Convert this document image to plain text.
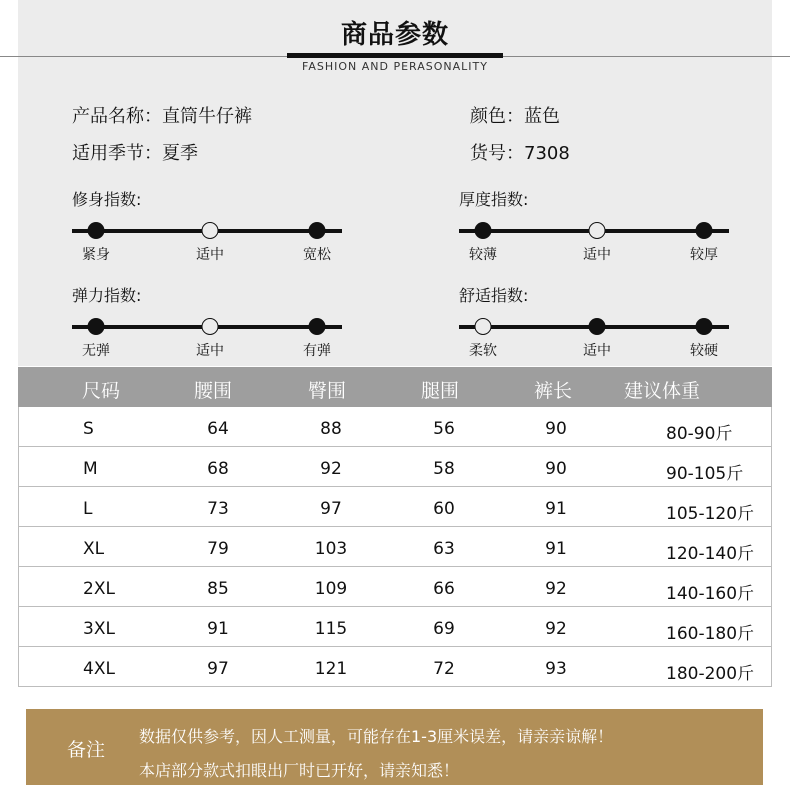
商品参数
FASHION AND PERASONALITY
产品名称：直筒牛仔裤	颜色：蓝色
适用季节：夏季	货号：7308
修身指数:
紧身	适中	宽松
厚度指数:
较薄	适中	较厚
弹力指数:
无弹	适中	有弹
舒适指数:
柔软	适中	较硬
尺码	腰围	臀围	腿围	裤长	建议体重
S	64	88	56	90	80-90斤
M	68	92	58	90	90-105斤
L	73	97	60	91	105-120斤
XL	79	103	63	91	120-140斤
2XL	85	109	66	92	140-160斤
3XL	91	115	69	92	160-180斤
4XL	97	121	72	93	180-200斤
备注
数据仅供参考，因人工测量，可能存在1-3厘米误差，请亲亲谅解！
本店部分款式扣眼出厂时已开好，请亲知悉！
